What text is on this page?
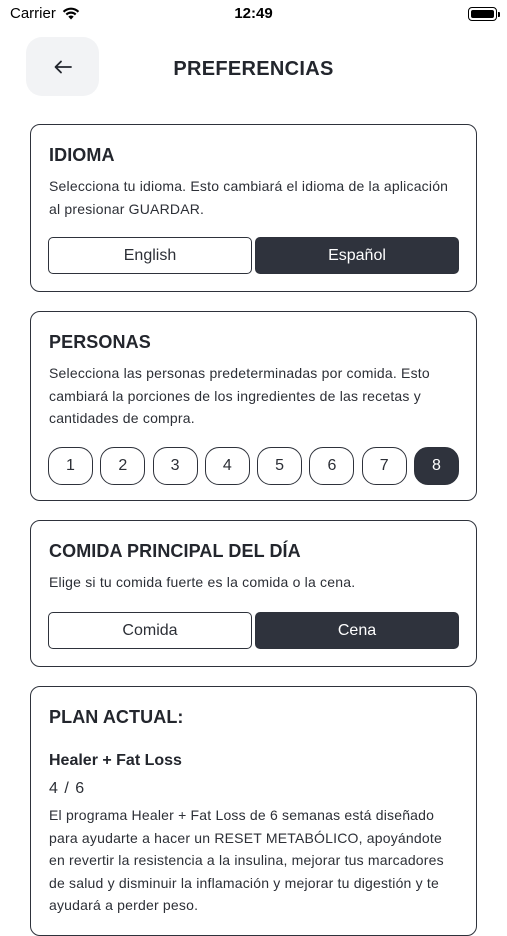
Carrier	12:49
PREFERENCIAS
IDIOMA
Selecciona tu idioma. Esto cambiará el idioma de la aplicación al presionar GUARDAR.
English	Español
PERSONAS
Selecciona las personas predeterminadas por comida. Esto cambiará la porciones de los ingredientes de las recetas y cantidades de compra.
1	2	3	4	5	6	7	8
COMIDA PRINCIPAL DEL DÍA
Elige si tu comida fuerte es la comida o la cena.
Comida	Cena
PLAN ACTUAL:
Healer + Fat Loss
4 / 6
El programa Healer + Fat Loss de 6 semanas está diseñado para ayudarte a hacer un RESET METABÓLICO, apoyándote en revertir la resistencia a la insulina, mejorar tus marcadores de salud y disminuir la inflamación y mejorar tu digestión y te ayudará a perder peso.
